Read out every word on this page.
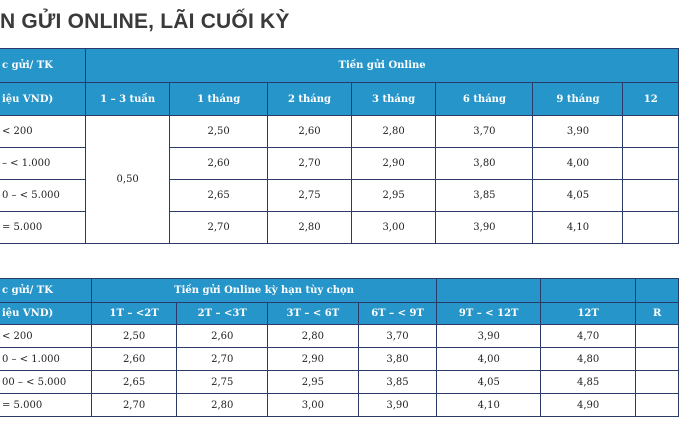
N GỬI ONLINE, LÃI CUỐI KỲ
c gửi/ TK	Tiền gửi Online						
iệu VND)	1 – 3 tuần	1 tháng	2 tháng	3 tháng	6 tháng	9 tháng	12
< 200	0,50	2,50	2,60	2,80	3,70	3,90	
– < 1.000		2,60	2,70	2,90	3,80	4,00	
0 – < 5.000		2,65	2,75	2,95	3,85	4,05	
= 5.000		2,70	2,80	3,00	3,90	4,10	
c gửi/ TK	Tiền gửi Online kỳ hạn tùy chọn						
iệu VND)	1T – <2T	2T – <3T	3T – < 6T	6T – < 9T	9T – < 12T	12T	R
< 200	2,50	2,60	2,80	3,70	3,90	4,70	
0 – < 1.000	2,60	2,70	2,90	3,80	4,00	4,80	
00 – < 5.000	2,65	2,75	2,95	3,85	4,05	4,85	
= 5.000	2,70	2,80	3,00	3,90	4,10	4,90	
